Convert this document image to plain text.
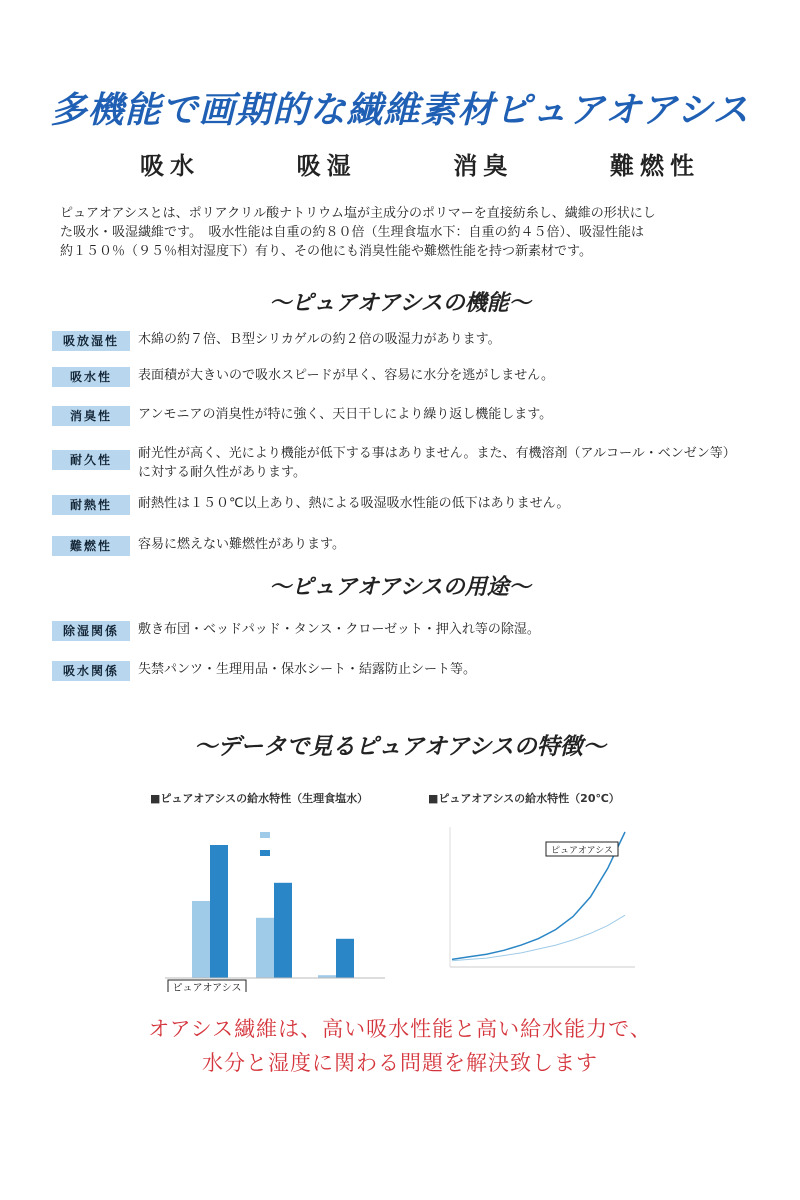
多機能で画期的な繊維素材ピュアオアシス
吸水	吸湿	消臭	難燃性
ピュアオアシスとは、ポリアクリル酸ナトリウム塩が主成分のポリマーを直接紡糸し、繊維の形状にし
た吸水・吸湿繊維です。　吸水性能は自重の約８０倍（生理食塩水下：自重の約４５倍）、吸湿性能は
約１５０％（９５％相対湿度下）有り、その他にも消臭性能や難燃性能を持つ新素材です。
～ピュアオアシスの機能～
吸放湿性	木綿の約７倍、Ｂ型シリカゲルの約２倍の吸湿力があります。
吸水性	表面積が大きいので吸水スピードが早く、容易に水分を逃がしません。
消臭性	アンモニアの消臭性が特に強く、天日干しにより繰り返し機能します。
耐久性	耐光性が高く、光により機能が低下する事はありません。また、有機溶剤（アルコール・ベンゼン等）に対する耐久性があります。
耐熱性	耐熱性は１５０℃以上あり、熱による吸湿吸水性能の低下はありません。
難燃性	容易に燃えない難燃性があります。
～ピュアオアシスの用途～
除湿関係	敷き布団・ベッドパッド・タンス・クローゼット・押入れ等の除湿。
吸水関係	失禁パンツ・生理用品・保水シート・結露防止シート等。
～データで見るピュアオアシスの特徴～
■ピュアオアシスの給水特性（生理食塩水）
ピュアオアシス
■ピュアオアシスの給水特性（20℃）
ピュアオアシス
オアシス繊維は、高い吸水性能と高い給水能力で、
水分と湿度に関わる問題を解決致します
